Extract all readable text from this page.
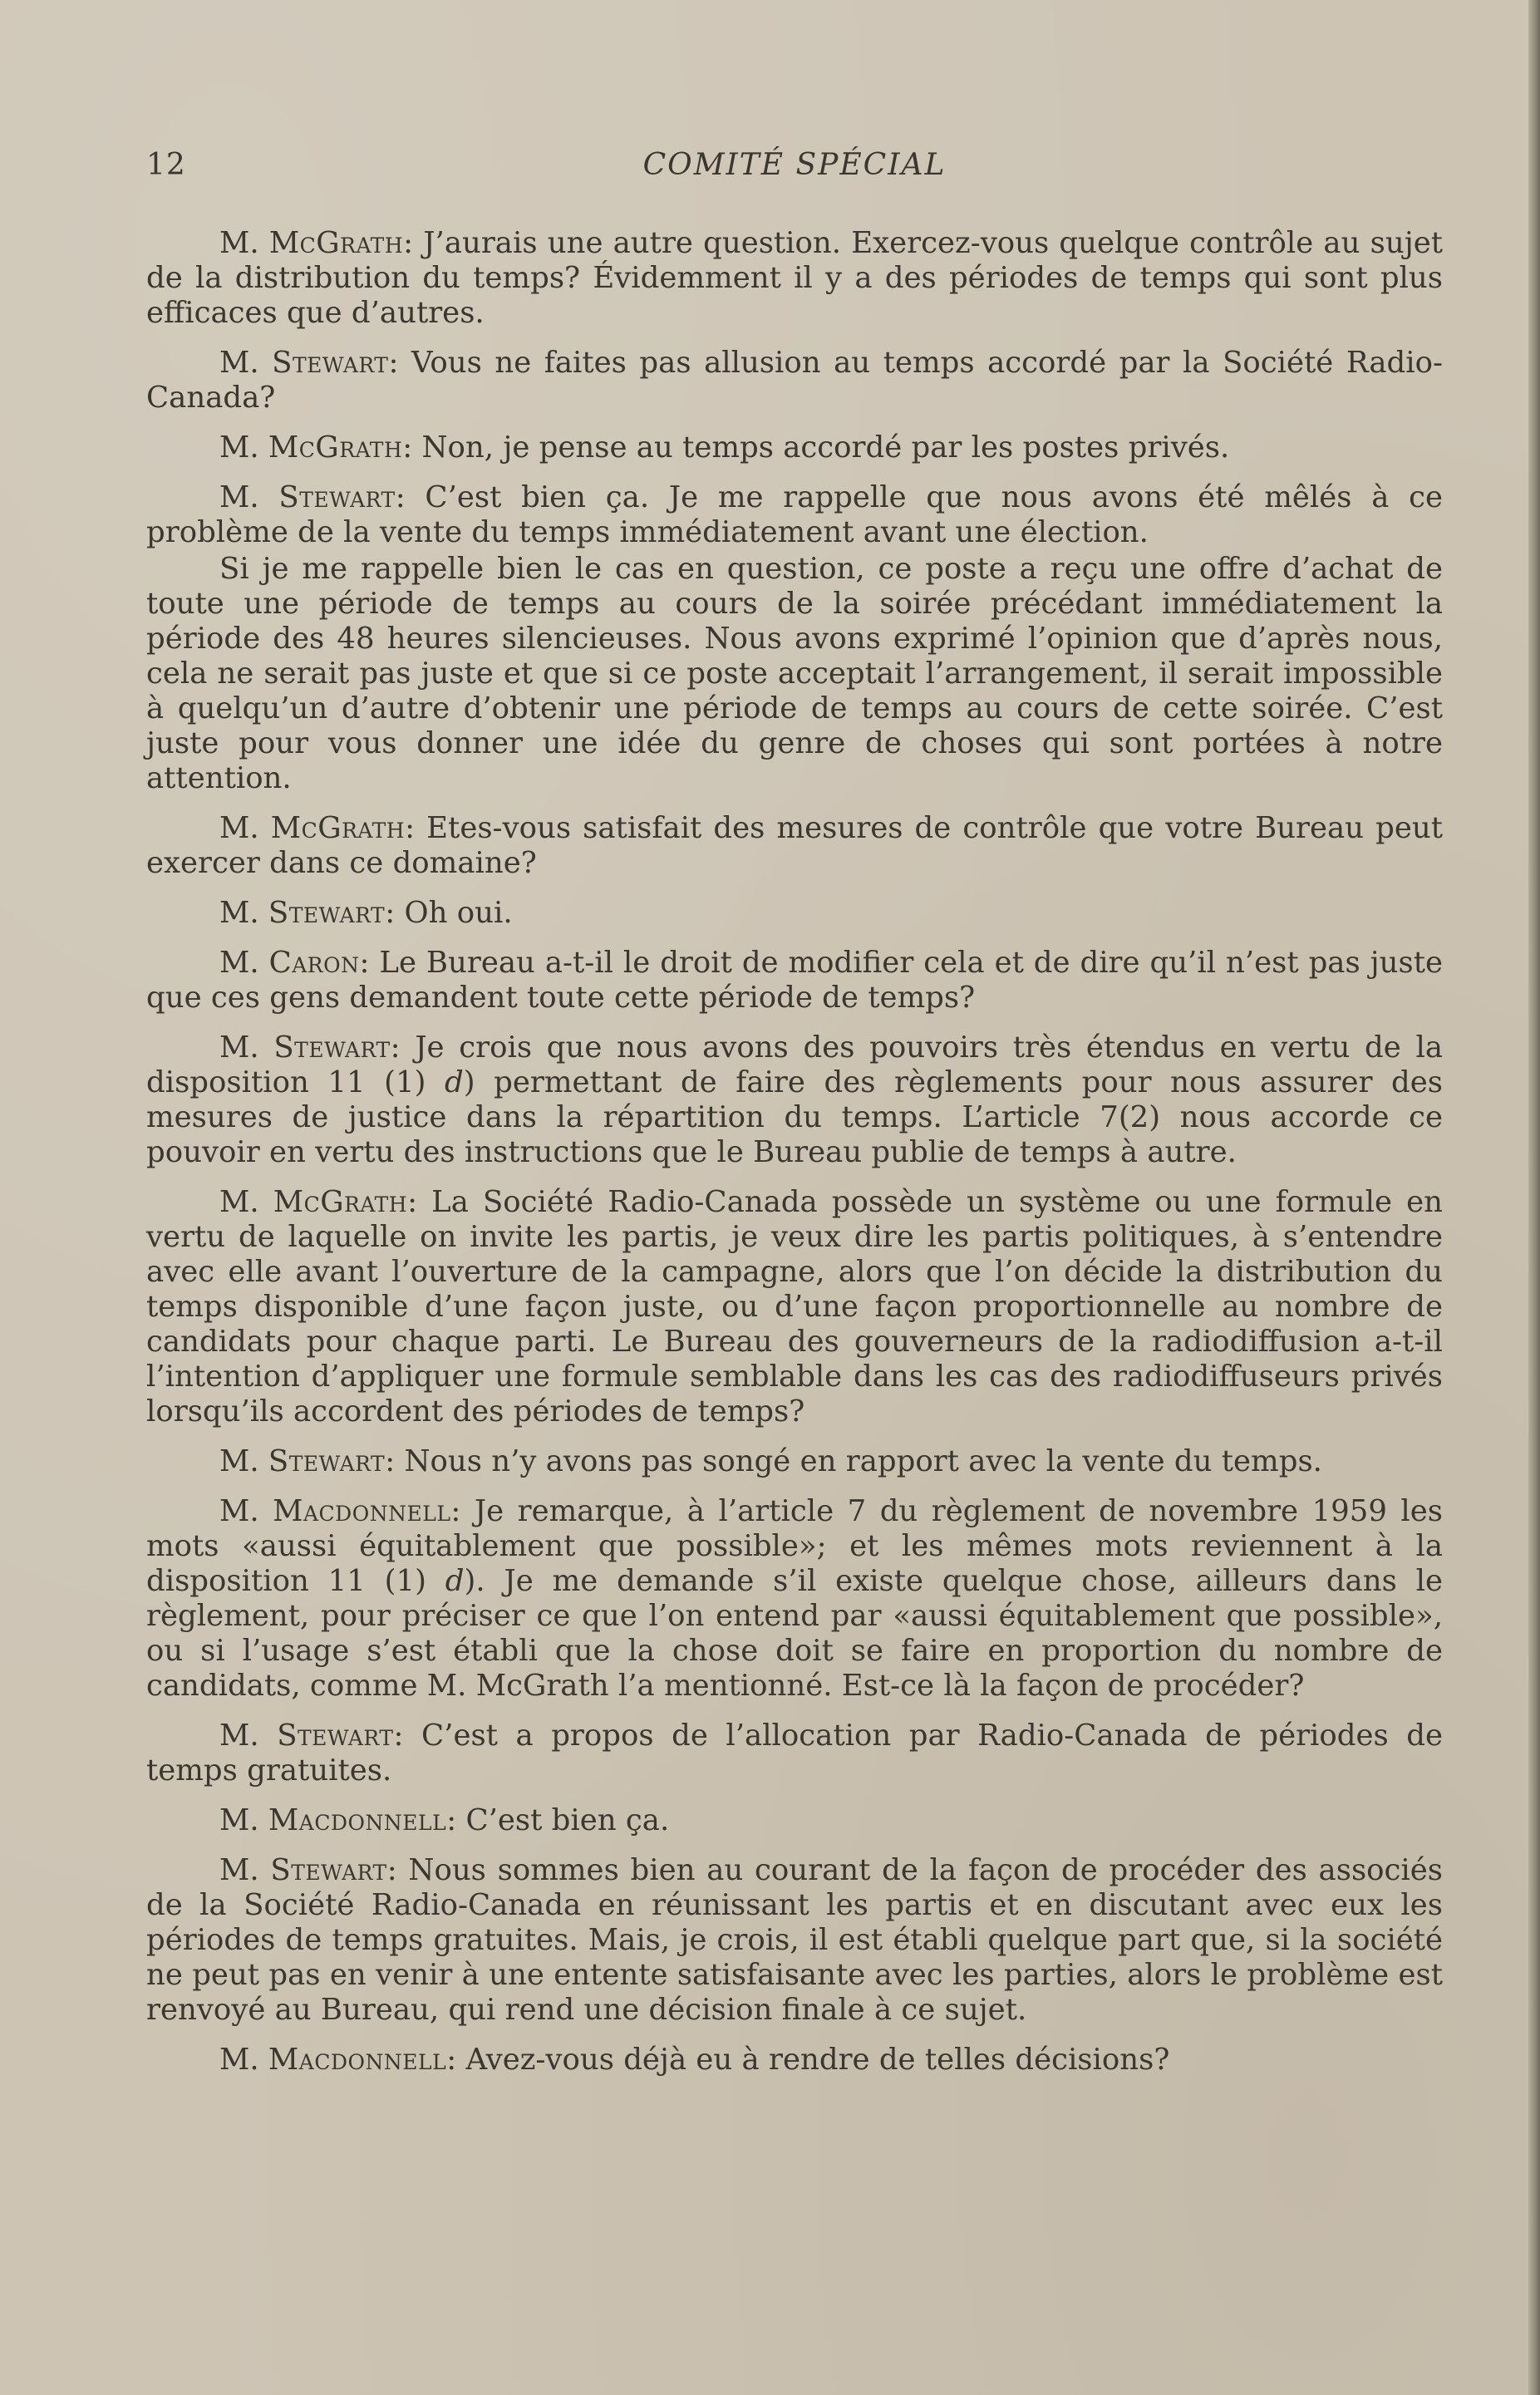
12	COMITÉ SPÉCIAL

M. McGrath: J’aurais une autre question. Exercez-vous quelque contrôle au sujet de la distribution du temps? Évidemment il y a des périodes de temps qui sont plus efficaces que d’autres.

M. Stewart: Vous ne faites pas allusion au temps accordé par la Société Radio-Canada?

M. McGrath: Non, je pense au temps accordé par les postes privés.

M. Stewart: C’est bien ça. Je me rappelle que nous avons été mêlés à ce problème de la vente du temps immédiatement avant une élection.

Si je me rappelle bien le cas en question, ce poste a reçu une offre d’achat de toute une période de temps au cours de la soirée précédant immédiatement la période des 48 heures silencieuses. Nous avons exprimé l’opinion que d’après nous, cela ne serait pas juste et que si ce poste acceptait l’arrangement, il serait impossible à quelqu’un d’autre d’obtenir une période de temps au cours de cette soirée. C’est juste pour vous donner une idée du genre de choses qui sont portées à notre attention.

M. McGrath: Etes-vous satisfait des mesures de contrôle que votre Bureau peut exercer dans ce domaine?

M. Stewart: Oh oui.

M. Caron: Le Bureau a-t-il le droit de modifier cela et de dire qu’il n’est pas juste que ces gens demandent toute cette période de temps?

M. Stewart: Je crois que nous avons des pouvoirs très étendus en vertu de la disposition 11 (1) d) permettant de faire des règlements pour nous assurer des mesures de justice dans la répartition du temps. L’article 7(2) nous accorde ce pouvoir en vertu des instructions que le Bureau publie de temps à autre.

M. McGrath: La Société Radio-Canada possède un système ou une formule en vertu de laquelle on invite les partis, je veux dire les partis politiques, à s’entendre avec elle avant l’ouverture de la campagne, alors que l’on décide la distribution du temps disponible d’une façon juste, ou d’une façon proportionnelle au nombre de candidats pour chaque parti. Le Bureau des gouverneurs de la radiodiffusion a-t-il l’intention d’appliquer une formule semblable dans les cas des radiodiffuseurs privés lorsqu’ils accordent des périodes de temps?

M. Stewart: Nous n’y avons pas songé en rapport avec la vente du temps.

M. Macdonnell: Je remarque, à l’article 7 du règlement de novembre 1959 les mots «aussi équitablement que possible»; et les mêmes mots reviennent à la disposition 11 (1) d). Je me demande s’il existe quelque chose, ailleurs dans le règlement, pour préciser ce que l’on entend par «aussi équitablement que possible», ou si l’usage s’est établi que la chose doit se faire en proportion du nombre de candidats, comme M. McGrath l’a mentionné. Est-ce là la façon de procéder?

M. Stewart: C’est a propos de l’allocation par Radio-Canada de périodes de temps gratuites.

M. Macdonnell: C’est bien ça.

M. Stewart: Nous sommes bien au courant de la façon de procéder des associés de la Société Radio-Canada en réunissant les partis et en discutant avec eux les périodes de temps gratuites. Mais, je crois, il est établi quelque part que, si la société ne peut pas en venir à une entente satisfaisante avec les parties, alors le problème est renvoyé au Bureau, qui rend une décision finale à ce sujet.

M. Macdonnell: Avez-vous déjà eu à rendre de telles décisions?
